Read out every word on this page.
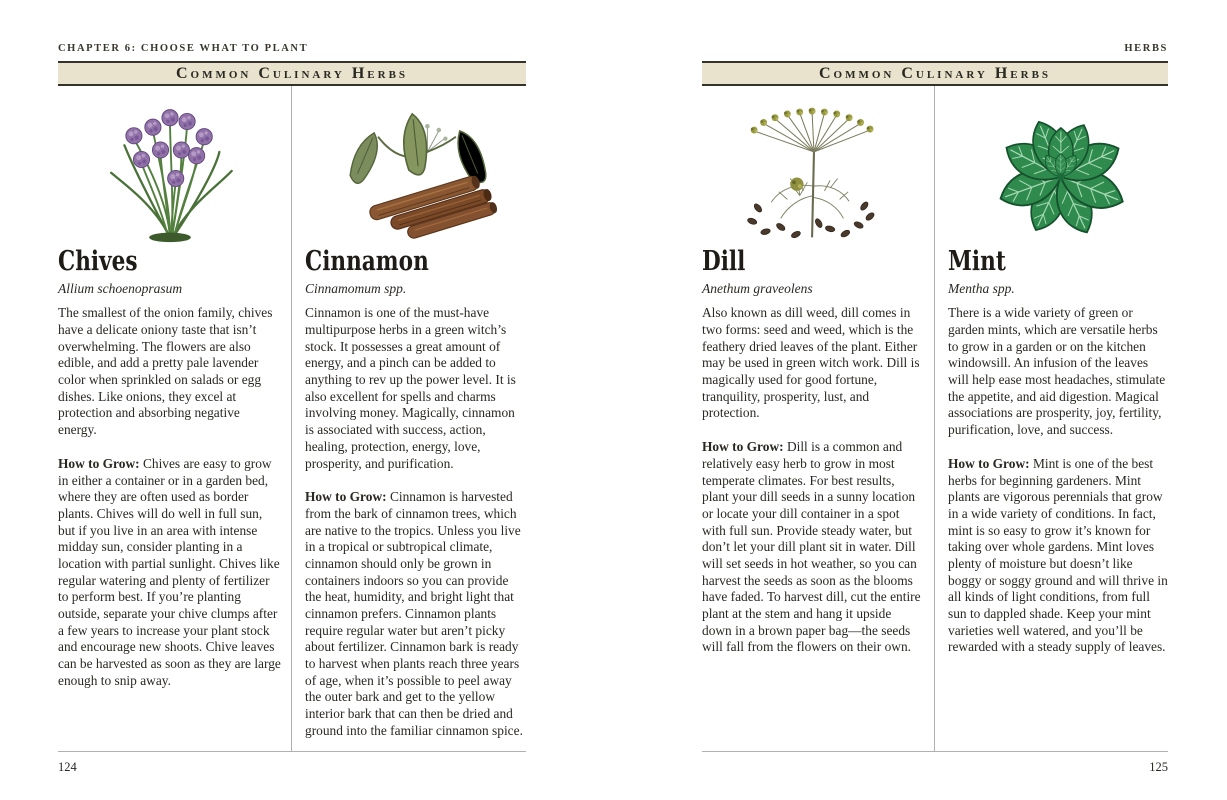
CHAPTER 6: CHOOSE WHAT TO PLANT
Common Culinary Herbs
Chives
Allium schoenoprasum

The smallest of the onion family, chives have a delicate oniony taste that isn’t overwhelming. The flowers are also edible, and add a pretty pale lavender color when sprinkled on salads or egg dishes. Like onions, they excel at protection and absorbing negative energy.

How to Grow: Chives are easy to grow in either a container or in a garden bed, where they are often used as border plants. Chives will do well in full sun, but if you live in an area with intense midday sun, consider planting in a location with partial sunlight. Chives like regular watering and plenty of fertilizer to perform best. If you’re planting outside, separate your chive clumps after a few years to increase your plant stock and encourage new shoots. Chive leaves can be harvested as soon as they are large enough to snip away.

Cinnamon
Cinnamomum spp.

Cinnamon is one of the must-have multipurpose herbs in a green witch’s stock. It possesses a great amount of energy, and a pinch can be added to anything to rev up the power level. It is also excellent for spells and charms involving money. Magically, cinnamon is associated with success, action, healing, protection, energy, love, prosperity, and purification.

How to Grow: Cinnamon is harvested from the bark of cinnamon trees, which are native to the tropics. Unless you live in a tropical or subtropical climate, cinnamon should only be grown in containers indoors so you can provide the heat, humidity, and bright light that cinnamon prefers. Cinnamon plants require regular water but aren’t picky about fertilizer. Cinnamon bark is ready to harvest when plants reach three years of age, when it’s possible to peel away the outer bark and get to the yellow interior bark that can then be dried and ground into the familiar cinnamon spice.

124
HERBS
Common Culinary Herbs
Dill
Anethum graveolens

Also known as dill weed, dill comes in two forms: seed and weed, which is the feathery dried leaves of the plant. Either may be used in green witch work. Dill is magically used for good fortune, tranquility, prosperity, lust, and protection.

How to Grow: Dill is a common and relatively easy herb to grow in most temperate climates. For best results, plant your dill seeds in a sunny location or locate your dill container in a spot with full sun. Provide steady water, but don’t let your dill plant sit in water. Dill will set seeds in hot weather, so you can harvest the seeds as soon as the blooms have faded. To harvest dill, cut the entire plant at the stem and hang it upside down in a brown paper bag—the seeds will fall from the flowers on their own.

Mint
Mentha spp.

There is a wide variety of green or garden mints, which are versatile herbs to grow in a garden or on the kitchen windowsill. An infusion of the leaves will help ease most headaches, stimulate the appetite, and aid digestion. Magical associations are prosperity, joy, fertility, purification, love, and success.

How to Grow: Mint is one of the best herbs for beginning gardeners. Mint plants are vigorous perennials that grow in a wide variety of conditions. In fact, mint is so easy to grow it’s known for taking over whole gardens. Mint loves plenty of moisture but doesn’t like boggy or soggy ground and will thrive in all kinds of light conditions, from full sun to dappled shade. Keep your mint varieties well watered, and you’ll be rewarded with a steady supply of leaves.

125
